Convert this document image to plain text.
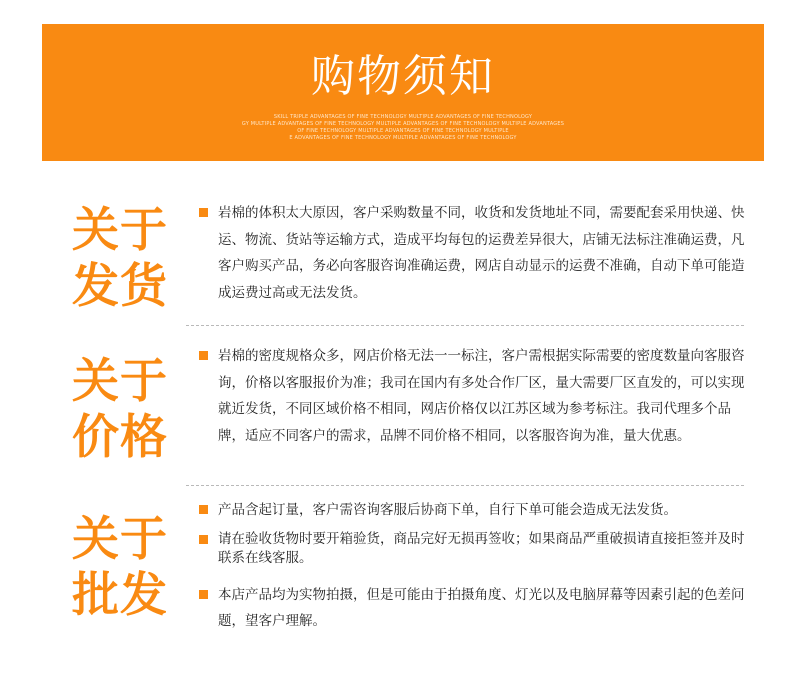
购物须知
SKILL TRIPLE ADVANTAGES OF FINE TECHNOLOGY MULTIPLE ADVANTAGES OF FINE TECHNOLOGY
GY MULTIPLE ADVANTAGES OF FINE TECHNOLOGY MULTIPLE ADVANTAGES OF FINE TECHNOLOGY MULTIPLE ADVANTAGES
OF FINE TECHNOLOGY MULTIPLE ADVANTAGES OF FINE TECHNOLOGY MULTIPLE
E ADVANTAGES OF FINE TECHNOLOGY MULTIPLE ADVANTAGES OF FINE TECHNOLOGY
关于
发货
岩棉的体积太大原因，客户采购数量不同，收货和发货地址不同，需要配套采用快递、快运、物流、货站等运输方式，造成平均每包的运费差异很大，店铺无法标注准确运费，凡客户购买产品，务必向客服咨询准确运费，网店自动显示的运费不准确，自动下单可能造成运费过高或无法发货。
关于
价格
岩棉的密度规格众多，网店价格无法一一标注，客户需根据实际需要的密度数量向客服咨询，价格以客服报价为准；我司在国内有多处合作厂区，量大需要厂区直发的，可以实现就近发货，不同区域价格不相同，网店价格仅以江苏区域为参考标注。我司代理多个品牌，适应不同客户的需求，品牌不同价格不相同，以客服咨询为准，量大优惠。
关于
批发
产品含起订量，客户需咨询客服后协商下单，自行下单可能会造成无法发货。
请在验收货物时要开箱验货，商品完好无损再签收；如果商品严重破损请直接拒签并及时联系在线客服。
本店产品均为实物拍摄，但是可能由于拍摄角度、灯光以及电脑屏幕等因素引起的色差问题，望客户理解。
